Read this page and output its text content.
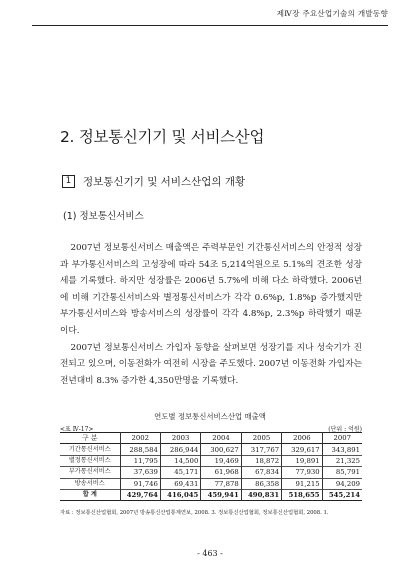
제Ⅳ장 주요산업기술의 개발동향
2. 정보통신기기 및 서비스산업
1	정보통신기기 및 서비스산업의 개황
(1) 정보통신서비스

2007년 정보통신서비스 매출액은 주력부문인 기간통신서비스의 안정적 성장과 부가통신서비스의 고성장에 따라 54조 5,214억원으로 5.1%의 견조한 성장세를 기록했다. 하지만 성장률은 2006년 5.7%에 비해 다소 하락했다. 2006년에 비해 기간통신서비스와 별정통신서비스가 각각 0.6%p, 1.8%p 증가했지만 부가통신서비스와 방송서비스의 성장률이 각각 4.8%p, 2.3%p 하락했기 때문이다.

2007년 정보통신서비스 가입자 동향을 살펴보면 성장기를 지나 성숙기가 진전되고 있으며, 이동전화가 여전히 시장을 주도했다. 2007년 이동전화 가입자는 전년대비 8.3% 증가한 4,350만명을 기록했다.

연도별 정보통신서비스산업 매출액
<표 Ⅳ-17>	(단위 : 억원)
구 분	2002	2003	2004	2005	2006	2007
기간통신서비스	288,584	286,944	300,627	317,767	329,617	343,891
별정통신서비스	11,795	14,500	19,469	18,872	19,891	21,325
부가통신서비스	37,639	45,171	61,968	67,834	77,930	85,791
방송서비스	91,746	69,431	77,878	86,358	91,215	94,209
합 계	429,764	416,045	459,941	490,831	518,655	545,214
자료 : 정보통신산업협회, 2007년 방송통신산업통계연보, 2008. 3. 정보통신산업협회, 정보통신산업협회, 2008. 1.
- 463 -
